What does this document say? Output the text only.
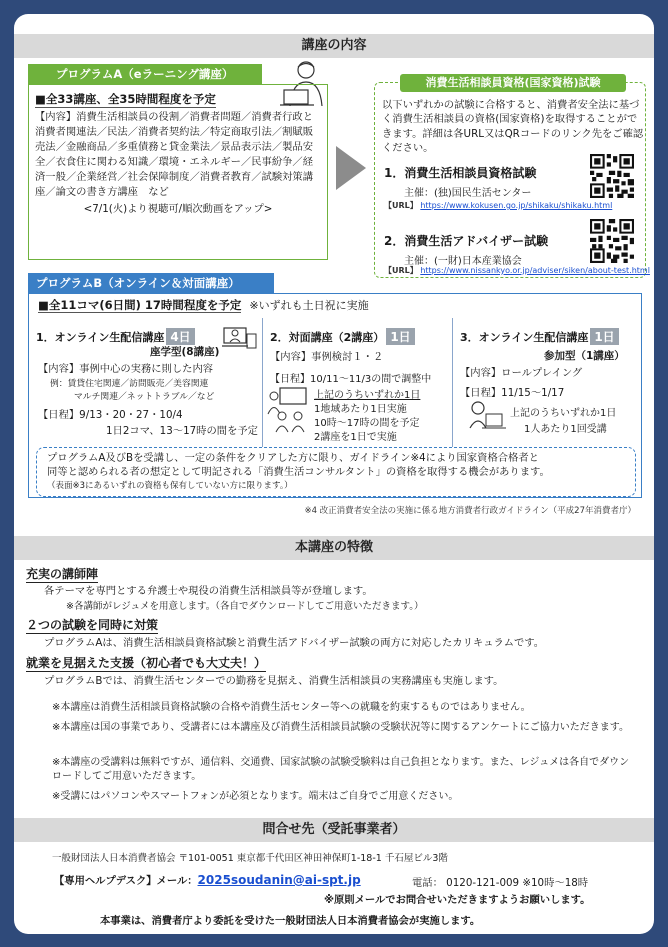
講座の内容
プログラムA（eラーニング講座）
■全33講座、全35時間程度を予定
【内容】消費生活相談員の役割／消費者問題／消費者行政と消費者関連法／民法／消費者契約法／特定商取引法／割賦販売法／金融商品／多重債務と貸金業法／景品表示法／製品安全／衣食住に関わる知識／環境・エネルギー／民事紛争／経済一般／企業経営／社会保障制度／消費者教育／試験対策講座／論文の書き方講座　など
<7/1(火)より視聴可/順次動画をアップ>
消費生活相談員資格(国家資格)試験
以下いずれかの試験に合格すると、消費者安全法に基づく消費生活相談員の資格(国家資格)を取得することができます。詳細は各URL又はQRコードのリンク先をご確認ください。
1．消費生活相談員資格試験
主催：(独)国民生活センター
【URL】 https://www.kokusen.go.jp/shikaku/shikaku.html
2．消費生活アドバイザー試験
主催：(一財)日本産業協会
【URL】 https://www.nissankyo.or.jp/adviser/siken/about-test.html
プログラムB（オンライン＆対面講座）
■全11コマ(6日間) 17時間程度を予定 ※いずれも土日祝に実施
1．オンライン生配信講座 4日
座学型(8講座)
【内容】事例中心の実務に則した内容
例：賃貸住宅関連／訪問販売／美容関連
マルチ関連／ネットトラブル／など
【日程】9/13・20・27・10/4
1日2コマ、13～17時の間を予定
2．対面講座（2講座） 1日
【内容】事例検討１・２
【日程】10/11～11/3の間で調整中
上記のうちいずれか1日
1地域あたり1日実施
10時～17時の間を予定
2講座を1日で実施
3．オンライン生配信講座 1日
参加型（1講座）
【内容】ロールプレイング
【日程】11/15～1/17
上記のうちいずれか1日
1人あたり1回受講
プログラムA及びBを受講し、一定の条件をクリアした方に限り、ガイドライン※4により国家資格合格者と
同等と認められる者の想定として明記される「消費生活コンサルタント」の資格を取得する機会があります。
（表面※3にあるいずれの資格も保有していない方に限ります。）
※4 改正消費者安全法の実施に係る地方消費者行政ガイドライン（平成27年消費者庁）
本講座の特徴
充実の講師陣
各テーマを専門とする弁護士や現役の消費生活相談員等が登壇します。
※各講師がレジュメを用意します。（各自でダウンロードしてご用意いただきます。）
２つの試験を同時に対策
プログラムAは、消費生活相談員資格試験と消費生活アドバイザー試験の両方に対応したカリキュラムです。
就業を見据えた支援（初心者でも大丈夫！）
プログラムBでは、消費生活センターでの勤務を見据え、消費生活相談員の実務講座も実施します。
※本講座は消費生活相談員資格試験の合格や消費生活センター等への就職を約束するものではありません。
※本講座は国の事業であり、受講者には本講座及び消費生活相談員試験の受験状況等に関するアンケートにご協力いただきます。
※本講座の受講料は無料ですが、通信料、交通費、国家試験の試験受験料は自己負担となります。また、レジュメは各自でダウンロードしてご用意いただきます。
※受講にはパソコンやスマートフォンが必須となります。端末はご自身でご用意ください。
問合せ先（受託事業者）
一般財団法人日本消費者協会 〒101-0051 東京都千代田区神田神保町1-18-1 千石屋ビル3階
【専用ヘルプデスク】メール：2025soudanin@ai-spt.jp	電話： 0120-121-009 ※10時～18時
※原則メールでお問合せいただきますようお願いします。
本事業は、消費者庁より委託を受けた一般財団法人日本消費者協会が実施します。
